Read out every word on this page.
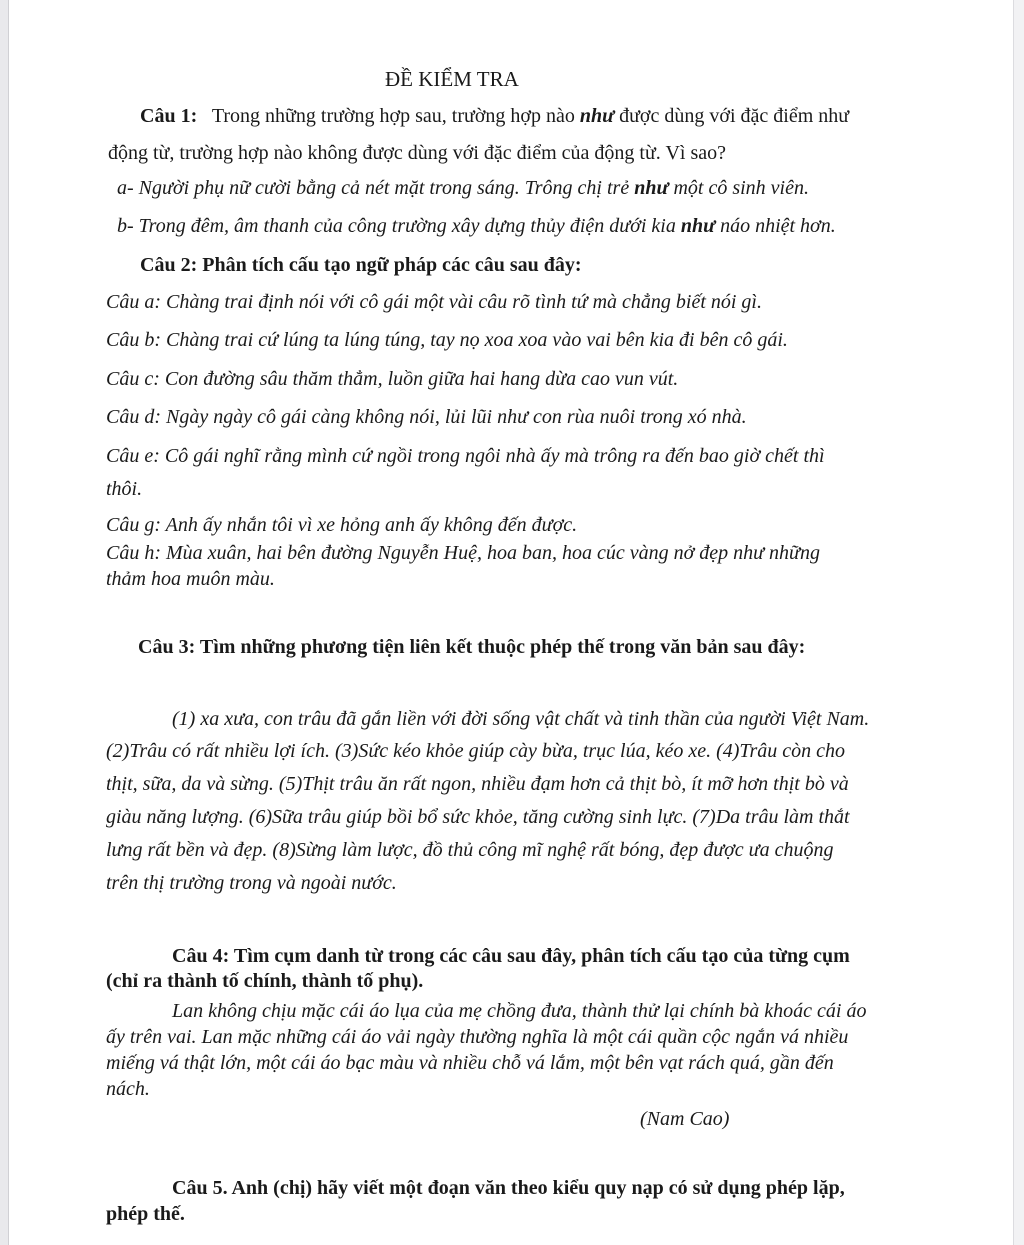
ĐỀ KIỂM TRA
Câu 1: Trong những trường hợp sau, trường hợp nào như được dùng với đặc điểm như
động từ, trường hợp nào không được dùng với đặc điểm của động từ. Vì sao?
a- Người phụ nữ cười bằng cả nét mặt trong sáng. Trông chị trẻ như một cô sinh viên.
b- Trong đêm, âm thanh của công trường xây dựng thủy điện dưới kia như náo nhiệt hơn.
Câu 2: Phân tích cấu tạo ngữ pháp các câu sau đây:
Câu a: Chàng trai định nói với cô gái một vài câu rõ tình tứ mà chẳng biết nói gì.
Câu b: Chàng trai cứ lúng ta lúng túng, tay nọ xoa xoa vào vai bên kia đi bên cô gái.
Câu c: Con đường sâu thăm thẳm, luồn giữa hai hang dừa cao vun vút.
Câu d: Ngày ngày cô gái càng không nói, lủi lũi như con rùa nuôi trong xó nhà.
Câu e: Cô gái nghĩ rằng mình cứ ngồi trong ngôi nhà ấy mà trông ra đến bao giờ chết thì
thôi.
Câu g: Anh ấy nhắn tôi vì xe hỏng anh ấy không đến được.
Câu h: Mùa xuân, hai bên đường Nguyễn Huệ, hoa ban, hoa cúc vàng nở đẹp như những
thảm hoa muôn màu.
Câu 3: Tìm những phương tiện liên kết thuộc phép thế trong văn bản sau đây:
(1) xa xưa, con trâu đã gắn liền với đời sống vật chất và tinh thần của người Việt Nam.
(2)Trâu có rất nhiều lợi ích. (3)Sức kéo khỏe giúp cày bừa, trục lúa, kéo xe. (4)Trâu còn cho
thịt, sữa, da và sừng. (5)Thịt trâu ăn rất ngon, nhiều đạm hơn cả thịt bò, ít mỡ hơn thịt bò và
giàu năng lượng. (6)Sữa trâu giúp bồi bổ sức khỏe, tăng cường sinh lực. (7)Da trâu làm thắt
lưng rất bền và đẹp. (8)Sừng làm lược, đồ thủ công mĩ nghệ rất bóng, đẹp được ưa chuộng
trên thị trường trong và ngoài nước.
Câu 4: Tìm cụm danh từ trong các câu sau đây, phân tích cấu tạo của từng cụm
(chỉ ra thành tố chính, thành tố phụ).
Lan không chịu mặc cái áo lụa của mẹ chồng đưa, thành thử lại chính bà khoác cái áo
ấy trên vai. Lan mặc những cái áo vải ngày thường nghĩa là một cái quần cộc ngắn vá nhiều
miếng vá thật lớn, một cái áo bạc màu và nhiều chỗ vá lắm, một bên vạt rách quá, gần đến
nách.
(Nam Cao)
Câu 5. Anh (chị) hãy viết một đoạn văn theo kiểu quy nạp có sử dụng phép lặp,
phép thế.
